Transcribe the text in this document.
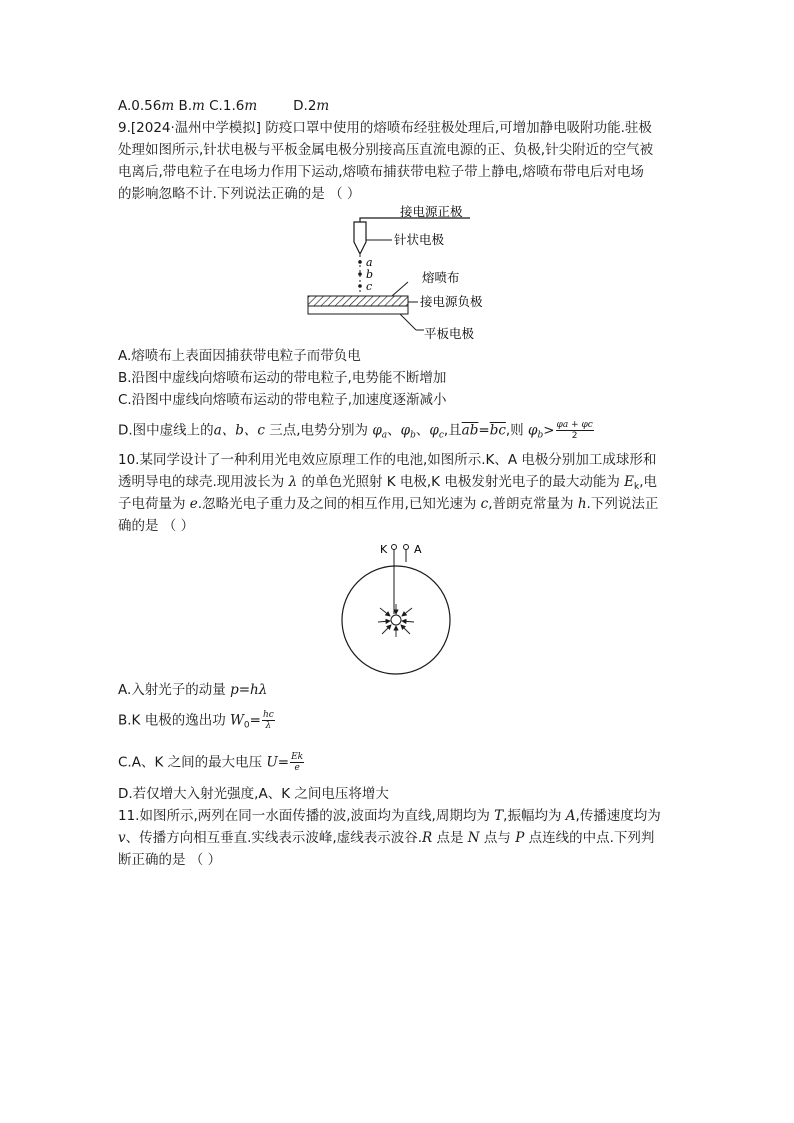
A.0.56m B.m C.1.6m	D.2m
9.[2024·温州中学模拟] 防疫口罩中使用的熔喷布经驻极处理后,可增加静电吸附功能.驻极
处理如图所示,针状电极与平板金属电极分别接高压直流电源的正、负极,针尖附近的空气被
电离后,带电粒子在电场力作用下运动,熔喷布捕获带电粒子带上静电,熔喷布带电后对电场
的影响忽略不计.下列说法正确的是 （ ）
接电源正极
针状电极
a
b
c
熔喷布
接电源负极
平板电极
A.熔喷布上表面因捕获带电粒子而带负电
B.沿图中虚线向熔喷布运动的带电粒子,电势能不断增加
C.沿图中虚线向熔喷布运动的带电粒子,加速度逐渐减小
D.图中虚线上的a、b、c 三点,电势分别为 $\varphi_a$、$\varphi_b$、$\varphi_c$,且$\overline{ab}=\overline{bc}$,则 $\varphi_b> \frac{\varphi a + \varphi c}{2}$
10.某同学设计了一种利用光电效应原理工作的电池,如图所示.K、A 电极分别加工成球形和
透明导电的球壳.现用波长为 λ 的单色光照射 K 电极,K 电极发射光电子的最大动能为 $E_k$,电
子电荷量为 e.忽略光电子重力及之间的相互作用,已知光速为 c,普朗克常量为 h.下列说法正
确的是 （ ）
K A
A.入射光子的动量 p=hλ
B.K 电极的逸出功 $W_0= \frac{hc}{\lambda}$
C.A、K 之间的最大电压 $U= \frac{Ek}{e}$
D.若仅增大入射光强度,A、K 之间电压将增大
11.如图所示,两列在同一水面传播的波,波面均为直线,周期均为 T,振幅均为 A,传播速度均为
v、传播方向相互垂直.实线表示波峰,虚线表示波谷.R 点是 N 点与 P 点连线的中点.下列判
断正确的是 （ ）
